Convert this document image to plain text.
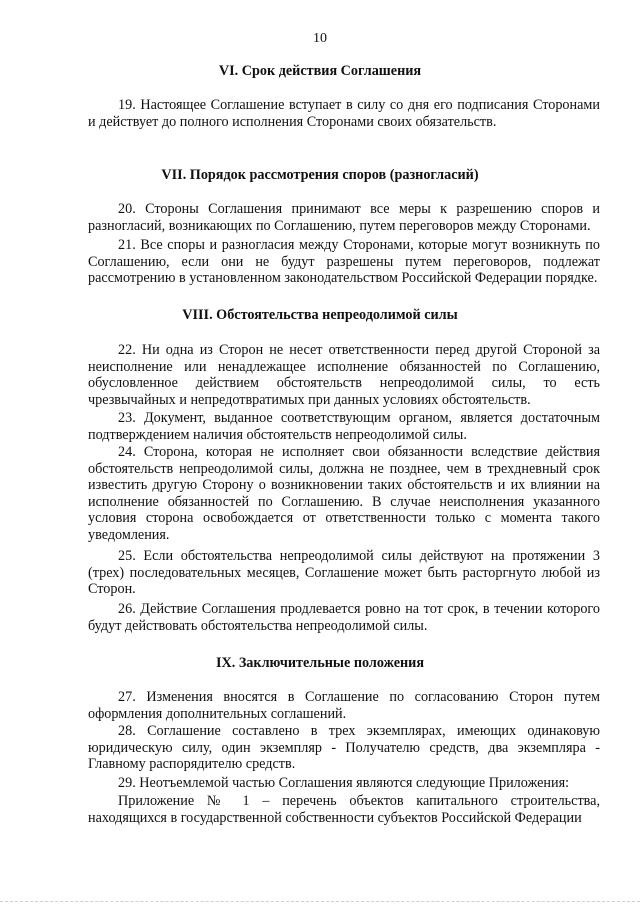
10
VI. Срок действия Соглашения

19. Настоящее Соглашение вступает в силу со дня его подписания Сторонами и действует до полного исполнения Сторонами своих обязательств.

VII. Порядок рассмотрения споров (разногласий)

20. Стороны Соглашения принимают все меры к разрешению споров и разногласий, возникающих по Соглашению, путем переговоров между Сторонами.

21. Все споры и разногласия между Сторонами, которые могут возникнуть по Соглашению, если они не будут разрешены путем переговоров, подлежат рассмотрению в установленном законодательством Российской Федерации порядке.

VIII. Обстоятельства непреодолимой силы

22. Ни одна из Сторон не несет ответственности перед другой Стороной за неисполнение или ненадлежащее исполнение обязанностей по Соглашению, обусловленное действием обстоятельств непреодолимой силы, то есть чрезвычайных и непредотвратимых при данных условиях обстоятельств.

23. Документ, выданное соответствующим органом, является достаточным подтверждением наличия обстоятельств непреодолимой силы.

24. Сторона, которая не исполняет свои обязанности вследствие действия обстоятельств непреодолимой силы, должна не позднее, чем в трехдневный срок известить другую Сторону о возникновении таких обстоятельств и их влиянии на исполнение обязанностей по Соглашению. В случае неисполнения указанного условия сторона освобождается от ответственности только с момента такого уведомления.

25. Если обстоятельства непреодолимой силы действуют на протяжении 3 (трех) последовательных месяцев, Соглашение может быть расторгнуто любой из Сторон.

26. Действие Соглашения продлевается ровно на тот срок, в течении которого будут действовать обстоятельства непреодолимой силы.

IX. Заключительные положения

27. Изменения вносятся в Соглашение по согласованию Сторон путем оформления дополнительных соглашений.

28. Соглашение составлено в трех экземплярах, имеющих одинаковую юридическую силу, один экземпляр - Получателю средств, два экземпляра - Главному распорядителю средств.

29. Неотъемлемой частью Соглашения являются следующие Приложения:

Приложение № 1 – перечень объектов капитального строительства, находящихся в государственной собственности субъектов Российской Федерации
